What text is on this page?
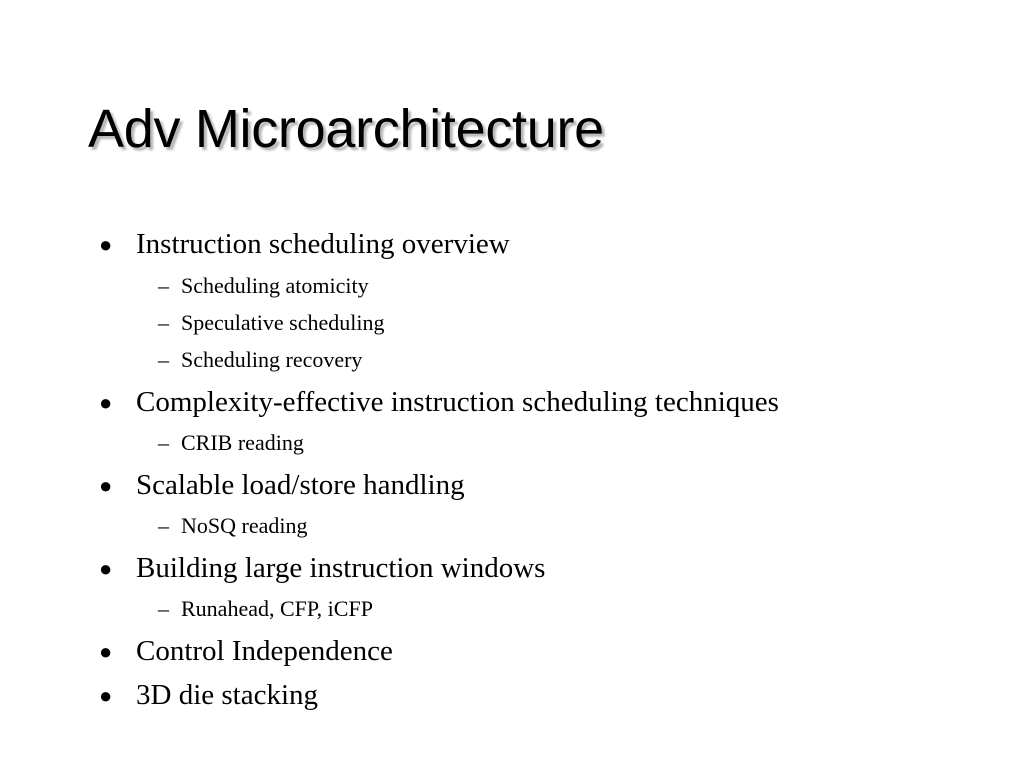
Adv Microarchitecture
● Instruction scheduling overview
– Scheduling atomicity
– Speculative scheduling
– Scheduling recovery
● Complexity-effective instruction scheduling techniques
– CRIB reading
● Scalable load/store handling
– NoSQ reading
● Building large instruction windows
– Runahead, CFP, iCFP
● Control Independence
● 3D die stacking
